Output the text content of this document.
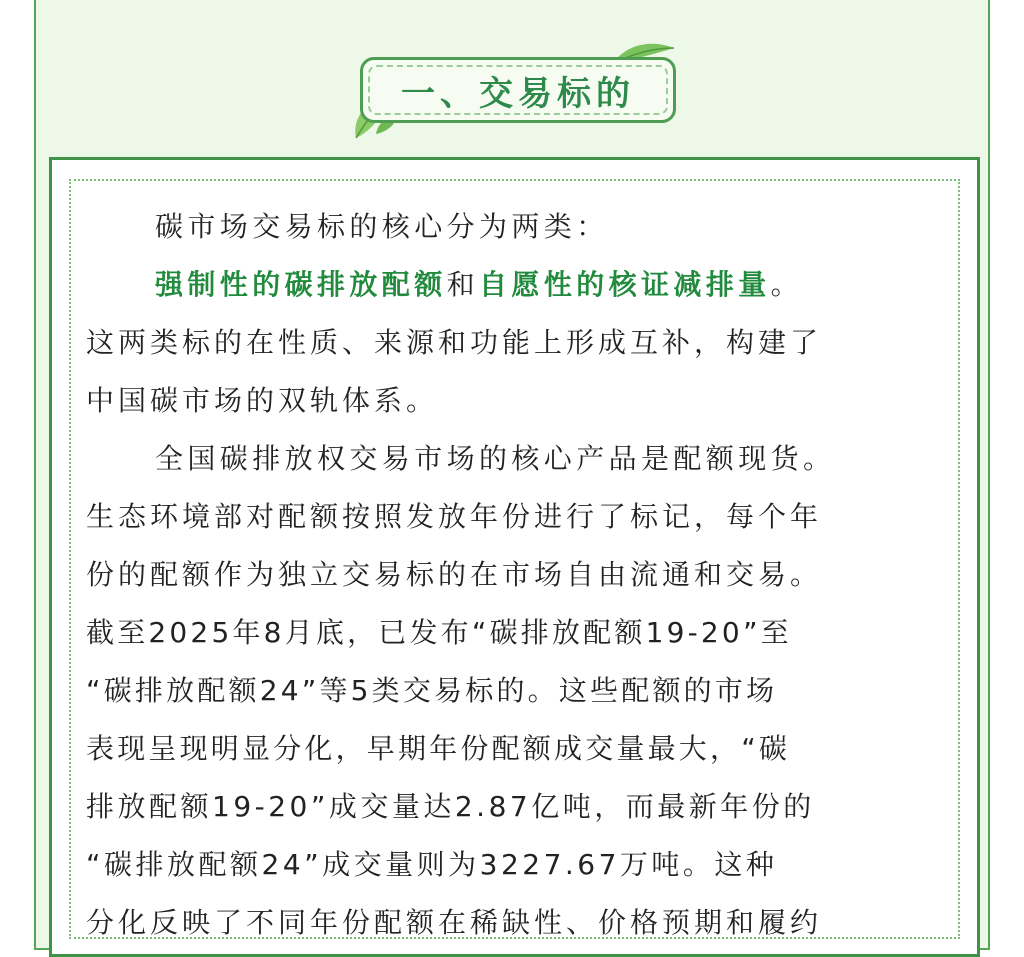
一、交易标的
碳市场交易标的核心分为两类：
强制性的碳排放配额和自愿性的核证减排量。
这两类标的在性质、来源和功能上形成互补，构建了
中国碳市场的双轨体系。
全国碳排放权交易市场的核心产品是配额现货。
生态环境部对配额按照发放年份进行了标记，每个年
份的配额作为独立交易标的在市场自由流通和交易。
截至2025年8月底，已发布“碳排放配额19-20”至
“碳排放配额24”等5类交易标的。这些配额的市场
表现呈现明显分化，早期年份配额成交量最大，“碳
排放配额19-20”成交量达2.87亿吨，而最新年份的
“碳排放配额24”成交量则为3227.67万吨。这种
分化反映了不同年份配额在稀缺性、价格预期和履约
